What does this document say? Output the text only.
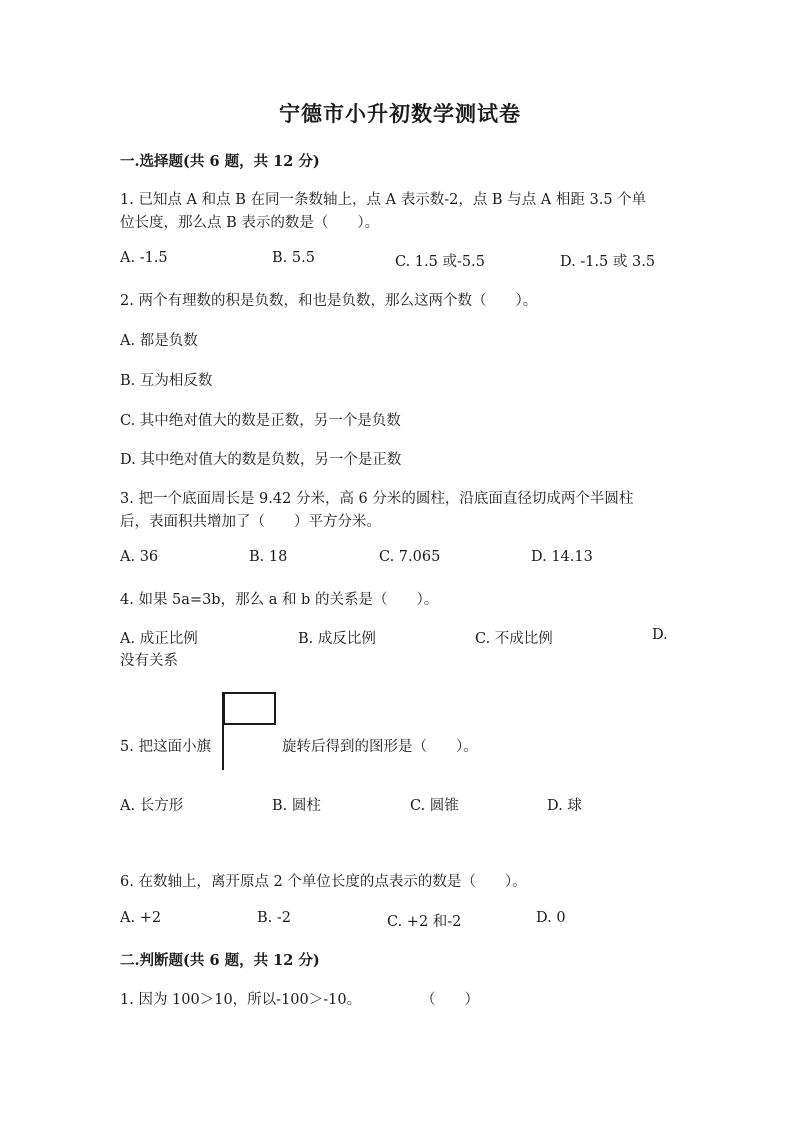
宁德市小升初数学测试卷
一.选择题(共 6 题，共 12 分)
1. 已知点 A 和点 B 在同一条数轴上，点 A 表示数-2，点 B 与点 A 相距 3.5 个单
位长度，那么点 B 表示的数是（　　）。
A. -1.5	B. 5.5	C. 1.5 或-5.5	D. -1.5 或 3.5
2. 两个有理数的积是负数，和也是负数，那么这两个数（　　）。
A. 都是负数
B. 互为相反数
C. 其中绝对值大的数是正数，另一个是负数
D. 其中绝对值大的数是负数，另一个是正数
3. 把一个底面周长是 9.42 分米，高 6 分米的圆柱，沿底面直径切成两个半圆柱
后，表面积共增加了（　　）平方分米。
A. 36	B. 18	C. 7.065	D. 14.13
4. 如果 5a=3b，那么 a 和 b 的关系是（　　）。
A. 成正比例	B. 成反比例	C. 不成比例	D.
没有关系
5. 把这面小旗	旋转后得到的图形是（　　）。
A. 长方形	B. 圆柱	C. 圆锥	D. 球
6. 在数轴上，离开原点 2 个单位长度的点表示的数是（　　）。
A. +2	B. -2	C. +2 和-2	D. 0
二.判断题(共 6 题，共 12 分)
1. 因为 100＞10，所以-100＞-10。	（　　）
